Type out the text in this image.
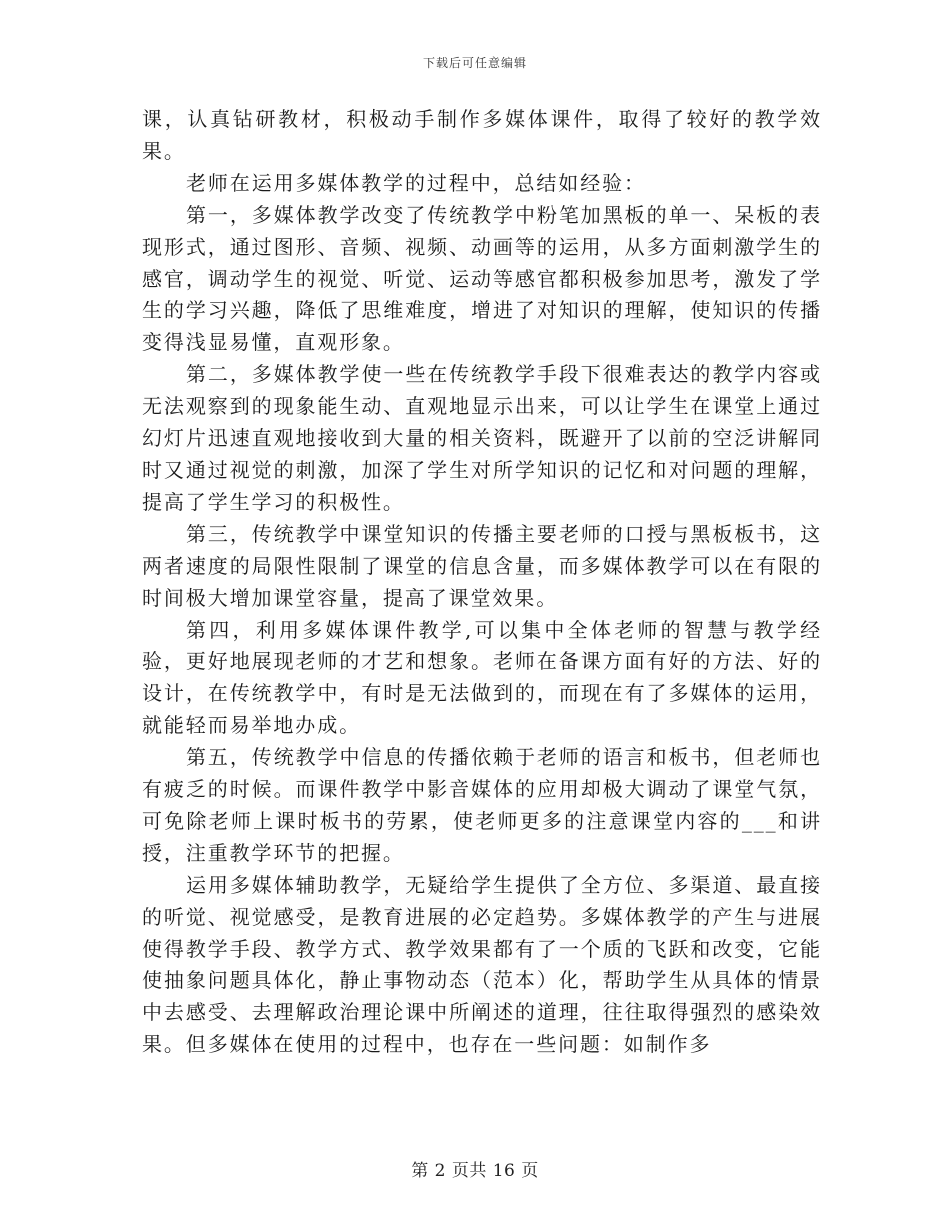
下载后可任意编辑

课，认真钻研教材，积极动手制作多媒体课件，取得了较好的教学效果。

老师在运用多媒体教学的过程中，总结如经验：

第一，多媒体教学改变了传统教学中粉笔加黑板的单一、呆板的表现形式，通过图形、音频、视频、动画等的运用，从多方面刺激学生的感官，调动学生的视觉、听觉、运动等感官都积极参加思考，激发了学生的学习兴趣，降低了思维难度，增进了对知识的理解，使知识的传播变得浅显易懂，直观形象。

第二，多媒体教学使一些在传统教学手段下很难表达的教学内容或无法观察到的现象能生动、直观地显示出来，可以让学生在课堂上通过幻灯片迅速直观地接收到大量的相关资料，既避开了以前的空泛讲解同时又通过视觉的刺激，加深了学生对所学知识的记忆和对问题的理解，提高了学生学习的积极性。

第三，传统教学中课堂知识的传播主要老师的口授与黑板板书，这两者速度的局限性限制了课堂的信息含量，而多媒体教学可以在有限的时间极大增加课堂容量，提高了课堂效果。

第四，利用多媒体课件教学,可以集中全体老师的智慧与教学经验，更好地展现老师的才艺和想象。老师在备课方面有好的方法、好的设计，在传统教学中，有时是无法做到的，而现在有了多媒体的运用，就能轻而易举地办成。

第五，传统教学中信息的传播依赖于老师的语言和板书，但老师也有疲乏的时候。而课件教学中影音媒体的应用却极大调动了课堂气氛，可免除老师上课时板书的劳累，使老师更多的注意课堂内容的___和讲授，注重教学环节的把握。

运用多媒体辅助教学，无疑给学生提供了全方位、多渠道、最直接的听觉、视觉感受，是教育进展的必定趋势。多媒体教学的产生与进展使得教学手段、教学方式、教学效果都有了一个质的飞跃和改变，它能使抽象问题具体化，静止事物动态（范本）化，帮助学生从具体的情景中去感受、去理解政治理论课中所阐述的道理，往往取得强烈的感染效果。但多媒体在使用的过程中，也存在一些问题：如制作多

第 2 页共 16 页
